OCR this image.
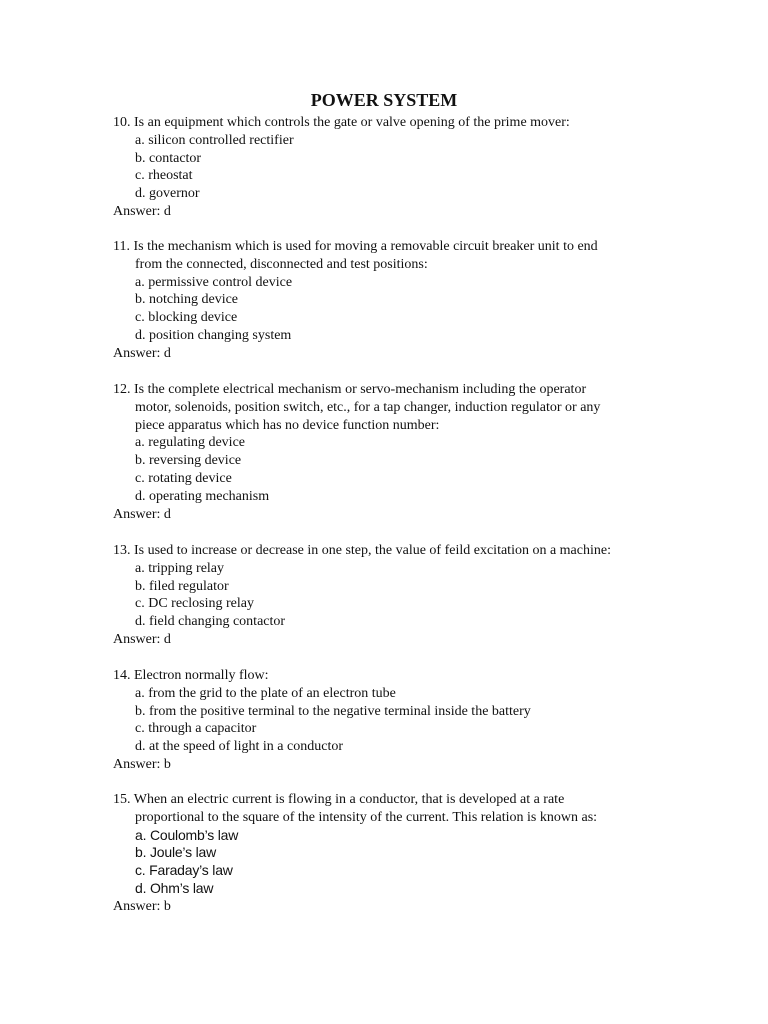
POWER SYSTEM
10. Is an equipment which controls the gate or valve opening of the prime mover:
a. silicon controlled rectifier
b. contactor
c. rheostat
d. governor
Answer: d
11. Is the mechanism which is used for moving a removable circuit breaker unit to end
from the connected, disconnected and test positions:
a. permissive control device
b. notching device
c. blocking device
d. position changing system
Answer: d
12. Is the complete electrical mechanism or servo-mechanism including the operator
motor, solenoids, position switch, etc., for a tap changer, induction regulator or any
piece apparatus which has no device function number:
a. regulating device
b. reversing device
c. rotating device
d. operating mechanism
Answer: d
13. Is used to increase or decrease in one step, the value of feild excitation on a machine:
a. tripping relay
b. filed regulator
c. DC reclosing relay
d. field changing contactor
Answer: d
14. Electron normally flow:
a. from the grid to the plate of an electron tube
b. from the positive terminal to the negative terminal inside the battery
c. through a capacitor
d. at the speed of light in a conductor
Answer: b
15. When an electric current is flowing in a conductor, that is developed at a rate
proportional to the square of the intensity of the current. This relation is known as:
a. Coulomb’s law
b. Joule’s law
c. Faraday’s law
d. Ohm’s law
Answer: b
